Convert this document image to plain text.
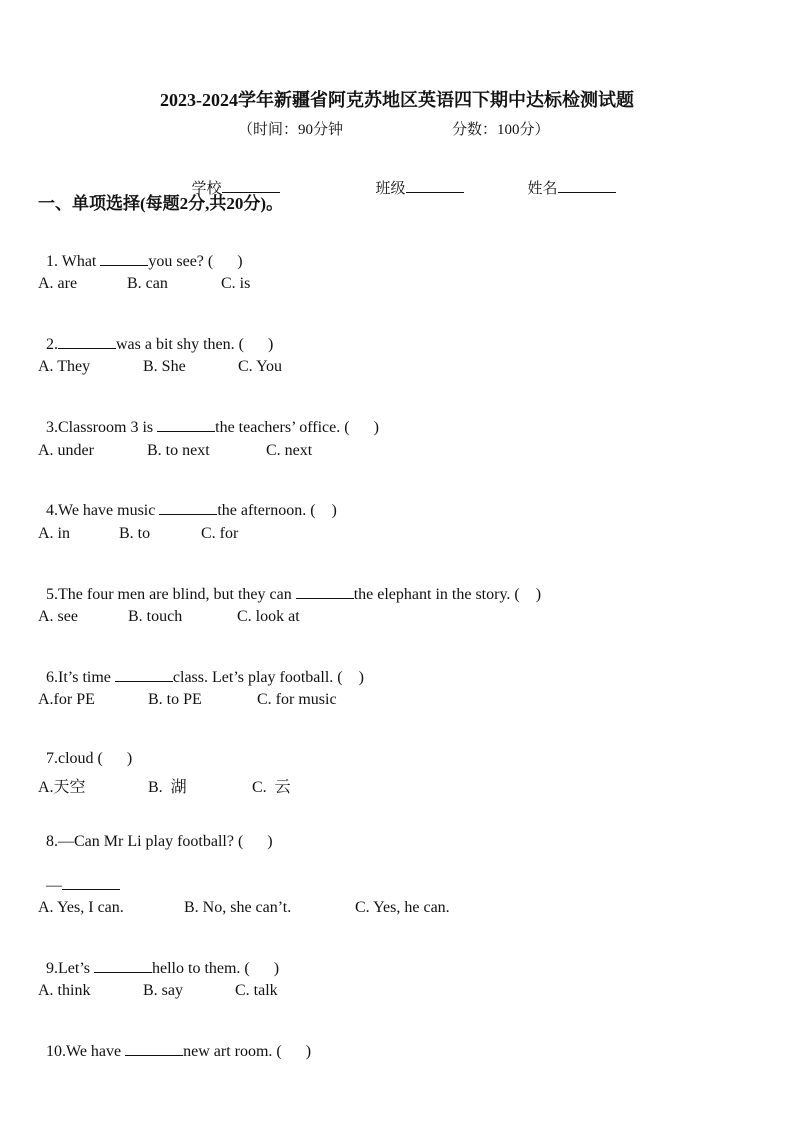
2023-2024学年新疆省阿克苏地区英语四下期中达标检测试题
（时间：90分钟	分数：100分）

学校	班级	姓名

一、单项选择(每题2分,共20分)。

1. What	you see? (      )

A. are	B. can	C. is

2.	was a bit shy then. (      )

A. They	B. She	C. You

3.Classroom 3 is	the teachers’ office. (      )

A. under	B. to next	C. next

4.We have music	the afternoon. (    )

A. in	B. to	C. for

5.The four men are blind, but they can	the elephant in the story. (    )

A. see	B. touch	C. look at

6.It’s time	class. Let’s play football. (    )

A.for PE	B. to PE	C. for music

7.cloud (      )

A.天空	B.  湖	C.  云

8.—Can Mr Li play football? (      )

—

A. Yes, I can.	B. No, she can’t.	C. Yes, he can.

9.Let’s	hello to them. (      )

A. think	B. say	C. talk

10.We have	new art room. (      )
